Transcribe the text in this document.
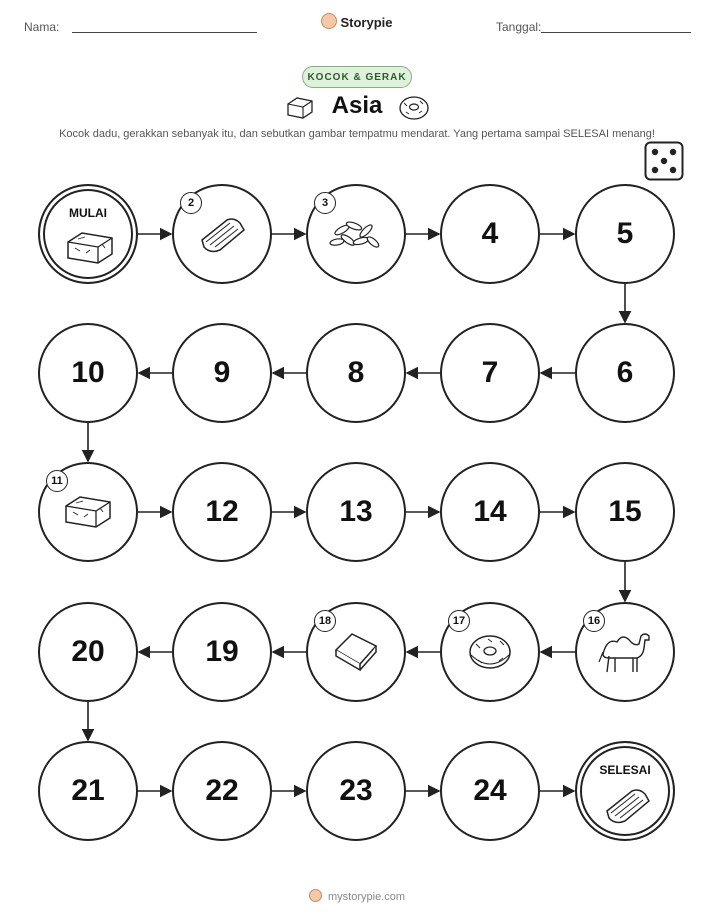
Nama:	Storypie	Tanggal:
KOCOK & GERAK
Asia
Kocok dadu, gerakkan sebanyak itu, dan sebutkan gambar tempatmu mendarat. Yang pertama sampai SELESAI menang!
MULAI
2	3
4	5
6
7
8
9
10
11
12	13	14	15
16
17
18
19
20
21	22	23	24
SELESAI
mystorypie.com
